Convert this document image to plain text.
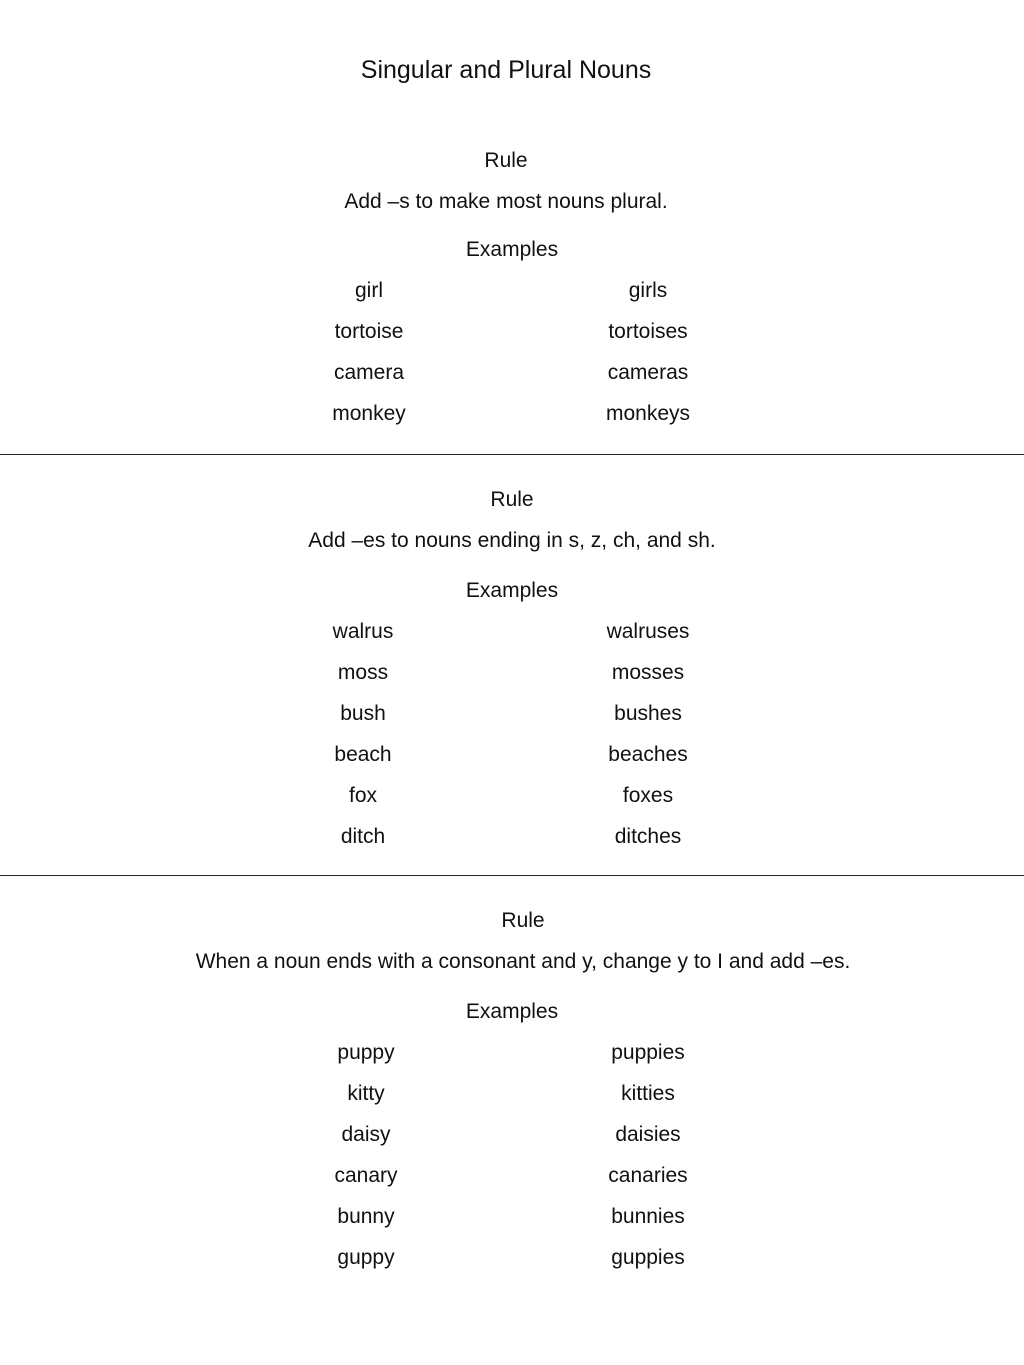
Singular and Plural Nouns
Rule
Add –s to make most nouns plural.
Examples
girl	girls
tortoise	tortoises
camera	cameras
monkey	monkeys
Rule
Add –es to nouns ending in s, z, ch, and sh.
Examples
walrus	walruses
moss	mosses
bush	bushes
beach	beaches
fox	foxes
ditch	ditches
Rule
When a noun ends with a consonant and y, change y to I and add –es.
Examples
puppy	puppies
kitty	kitties
daisy	daisies
canary	canaries
bunny	bunnies
guppy	guppies
